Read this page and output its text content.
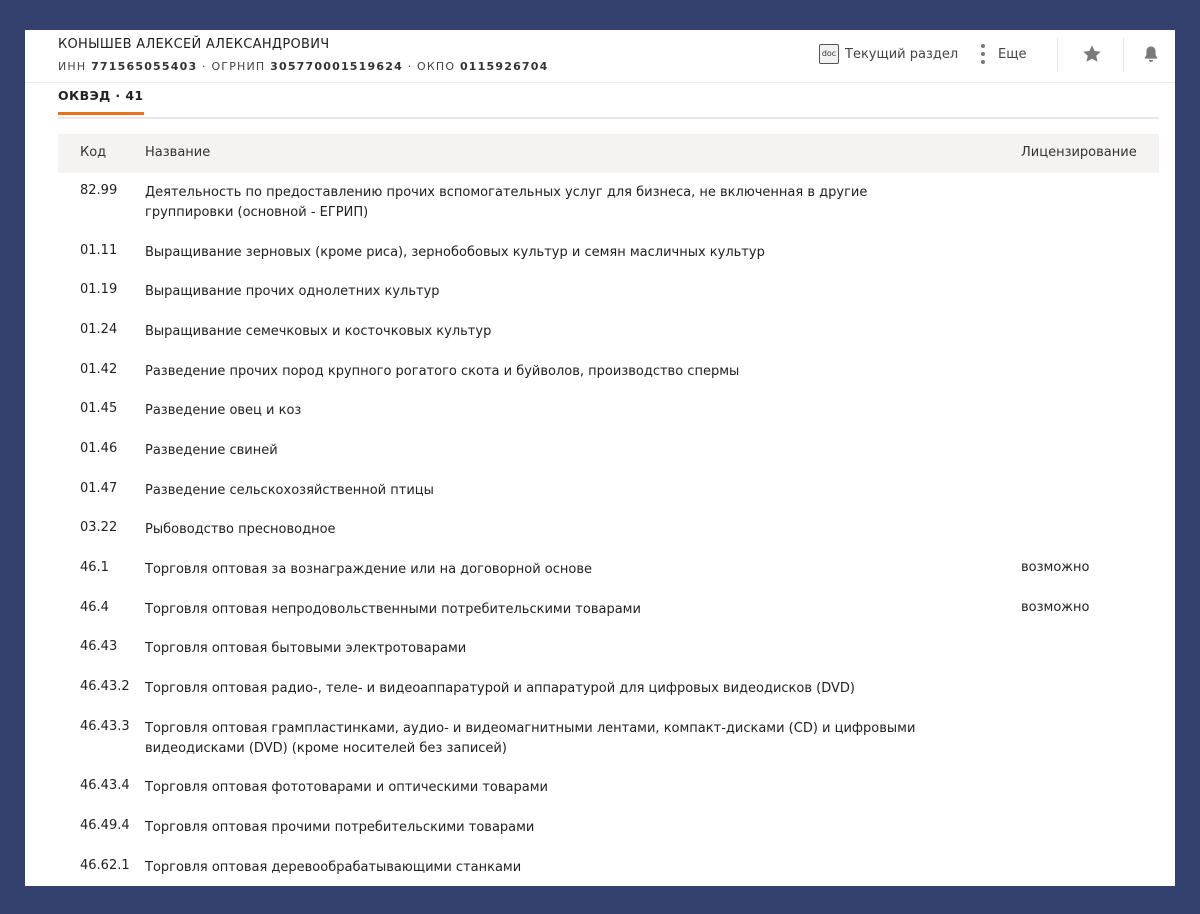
КОНЫШЕВ АЛЕКСЕЙ АЛЕКСАНДРОВИЧ
ИНН 771565055403 · ОГРНИП 305770001519624 · ОКПО 0115926704
doc Текущий раздел	Еще
ОКВЭД · 41
Код	Название	Лицензирование
82.99 Деятельность по предоставлению прочих вспомогательных услуг для бизнеса, не включенная в другие группировки (основной - ЕГРИП)
01.11 Выращивание зерновых (кроме риса), зернобобовых культур и семян масличных культур
01.19 Выращивание прочих однолетних культур
01.24 Выращивание семечковых и косточковых культур
01.42 Разведение прочих пород крупного рогатого скота и буйволов, производство спермы
01.45 Разведение овец и коз
01.46 Разведение свиней
01.47 Разведение сельскохозяйственной птицы
03.22 Рыбоводство пресноводное
46.1	Торговля оптовая за вознаграждение или на договорной основе	возможно
46.4	Торговля оптовая непродовольственными потребительскими товарами	возможно
46.43 Торговля оптовая бытовыми электротоварами
46.43.2 Торговля оптовая радио-, теле- и видеоаппаратурой и аппаратурой для цифровых видеодисков (DVD)
46.43.3 Торговля оптовая грампластинками, аудио- и видеомагнитными лентами, компакт-дисками (CD) и цифровыми видеодисками (DVD) (кроме носителей без записей)
46.43.4 Торговля оптовая фототоварами и оптическими товарами
46.49.4 Торговля оптовая прочими потребительскими товарами
46.62.1 Торговля оптовая деревообрабатывающими станками
